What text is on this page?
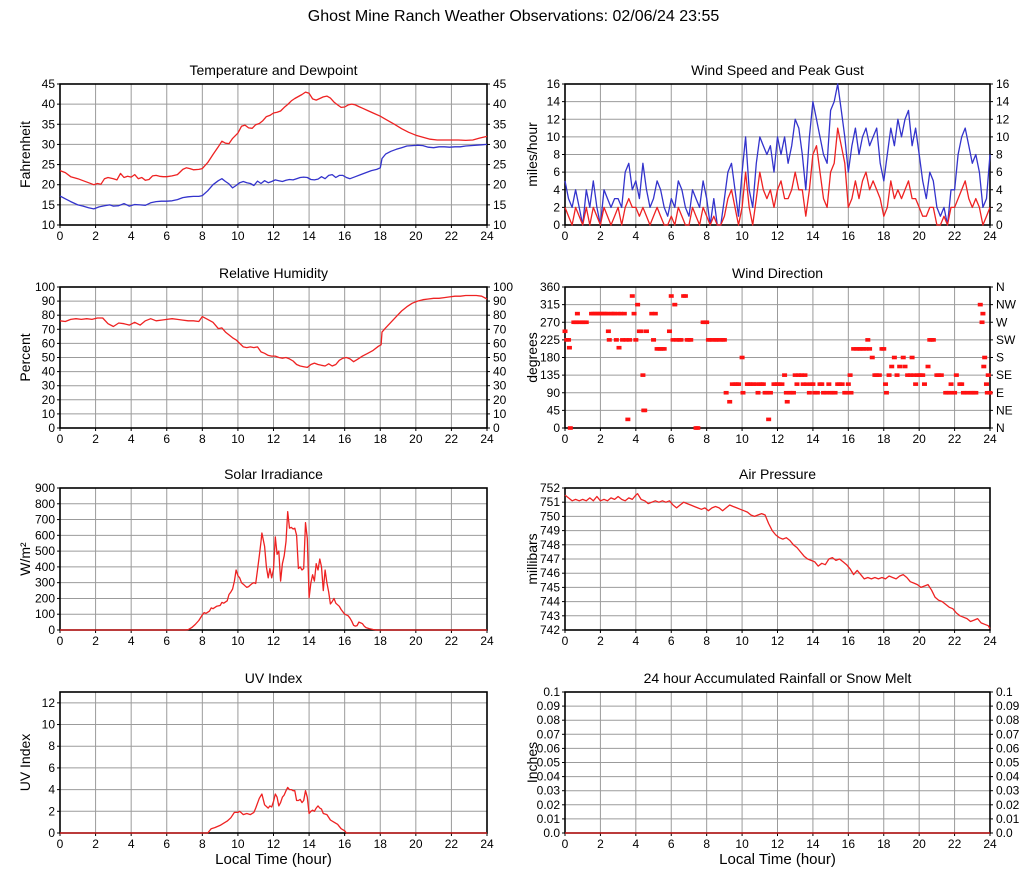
Ghost Mine Ranch Weather Observations: 02/06/24 23:55
Temperature and Dewpoint
10
15
20
25
30
35
40
45
10
15
20
25
30
35
40
45
0 2 4 6 8 10 12 14 16 18 20 22 24
Fahrenheit
Wind Speed and Peak Gust
0
2
4
6
8
10
12
14
16
0
2
4
6
8
10
12
14
16
0 2 4 6 8 10 12 14 16 18 20 22 24
miles/hour
Relative Humidity
0
10
20
30
40
50
60
70
80
90
100
0
10
20
30
40
50
60
70
80
90
100
0 2 4 6 8 10 12 14 16 18 20 22 24
Percent
Wind Direction
0
45
90
135
180
225
270
315
360
N
NE
E
SE
S
SW
W
NW
N
0 2 4 6 8 10 12 14 16 18 20 22 24
degrees
Solar Irradiance
0
100
200
300
400
500
600
700
800
900
0 2 4 6 8 10 12 14 16 18 20 22 24
W/m²
Air Pressure
742
743
744
745
746
747
748
749
750
751
752
0 2 4 6 8 10 12 14 16 18 20 22 24
millibars
UV Index
0
2
4
6
8
10
12
0 2 4 6 8 10 12 14 16 18 20 22 24
UV Index
Local Time (hour)
24 hour Accumulated Rainfall or Snow Melt
0.0
0.01
0.02
0.03
0.04
0.05
0.06
0.07
0.08
0.09
0.1
0.0
0.01
0.02
0.03
0.04
0.05
0.06
0.07
0.08
0.09
0.1
0 2 4 6 8 10 12 14 16 18 20 22 24
Inches
Local Time (hour)
